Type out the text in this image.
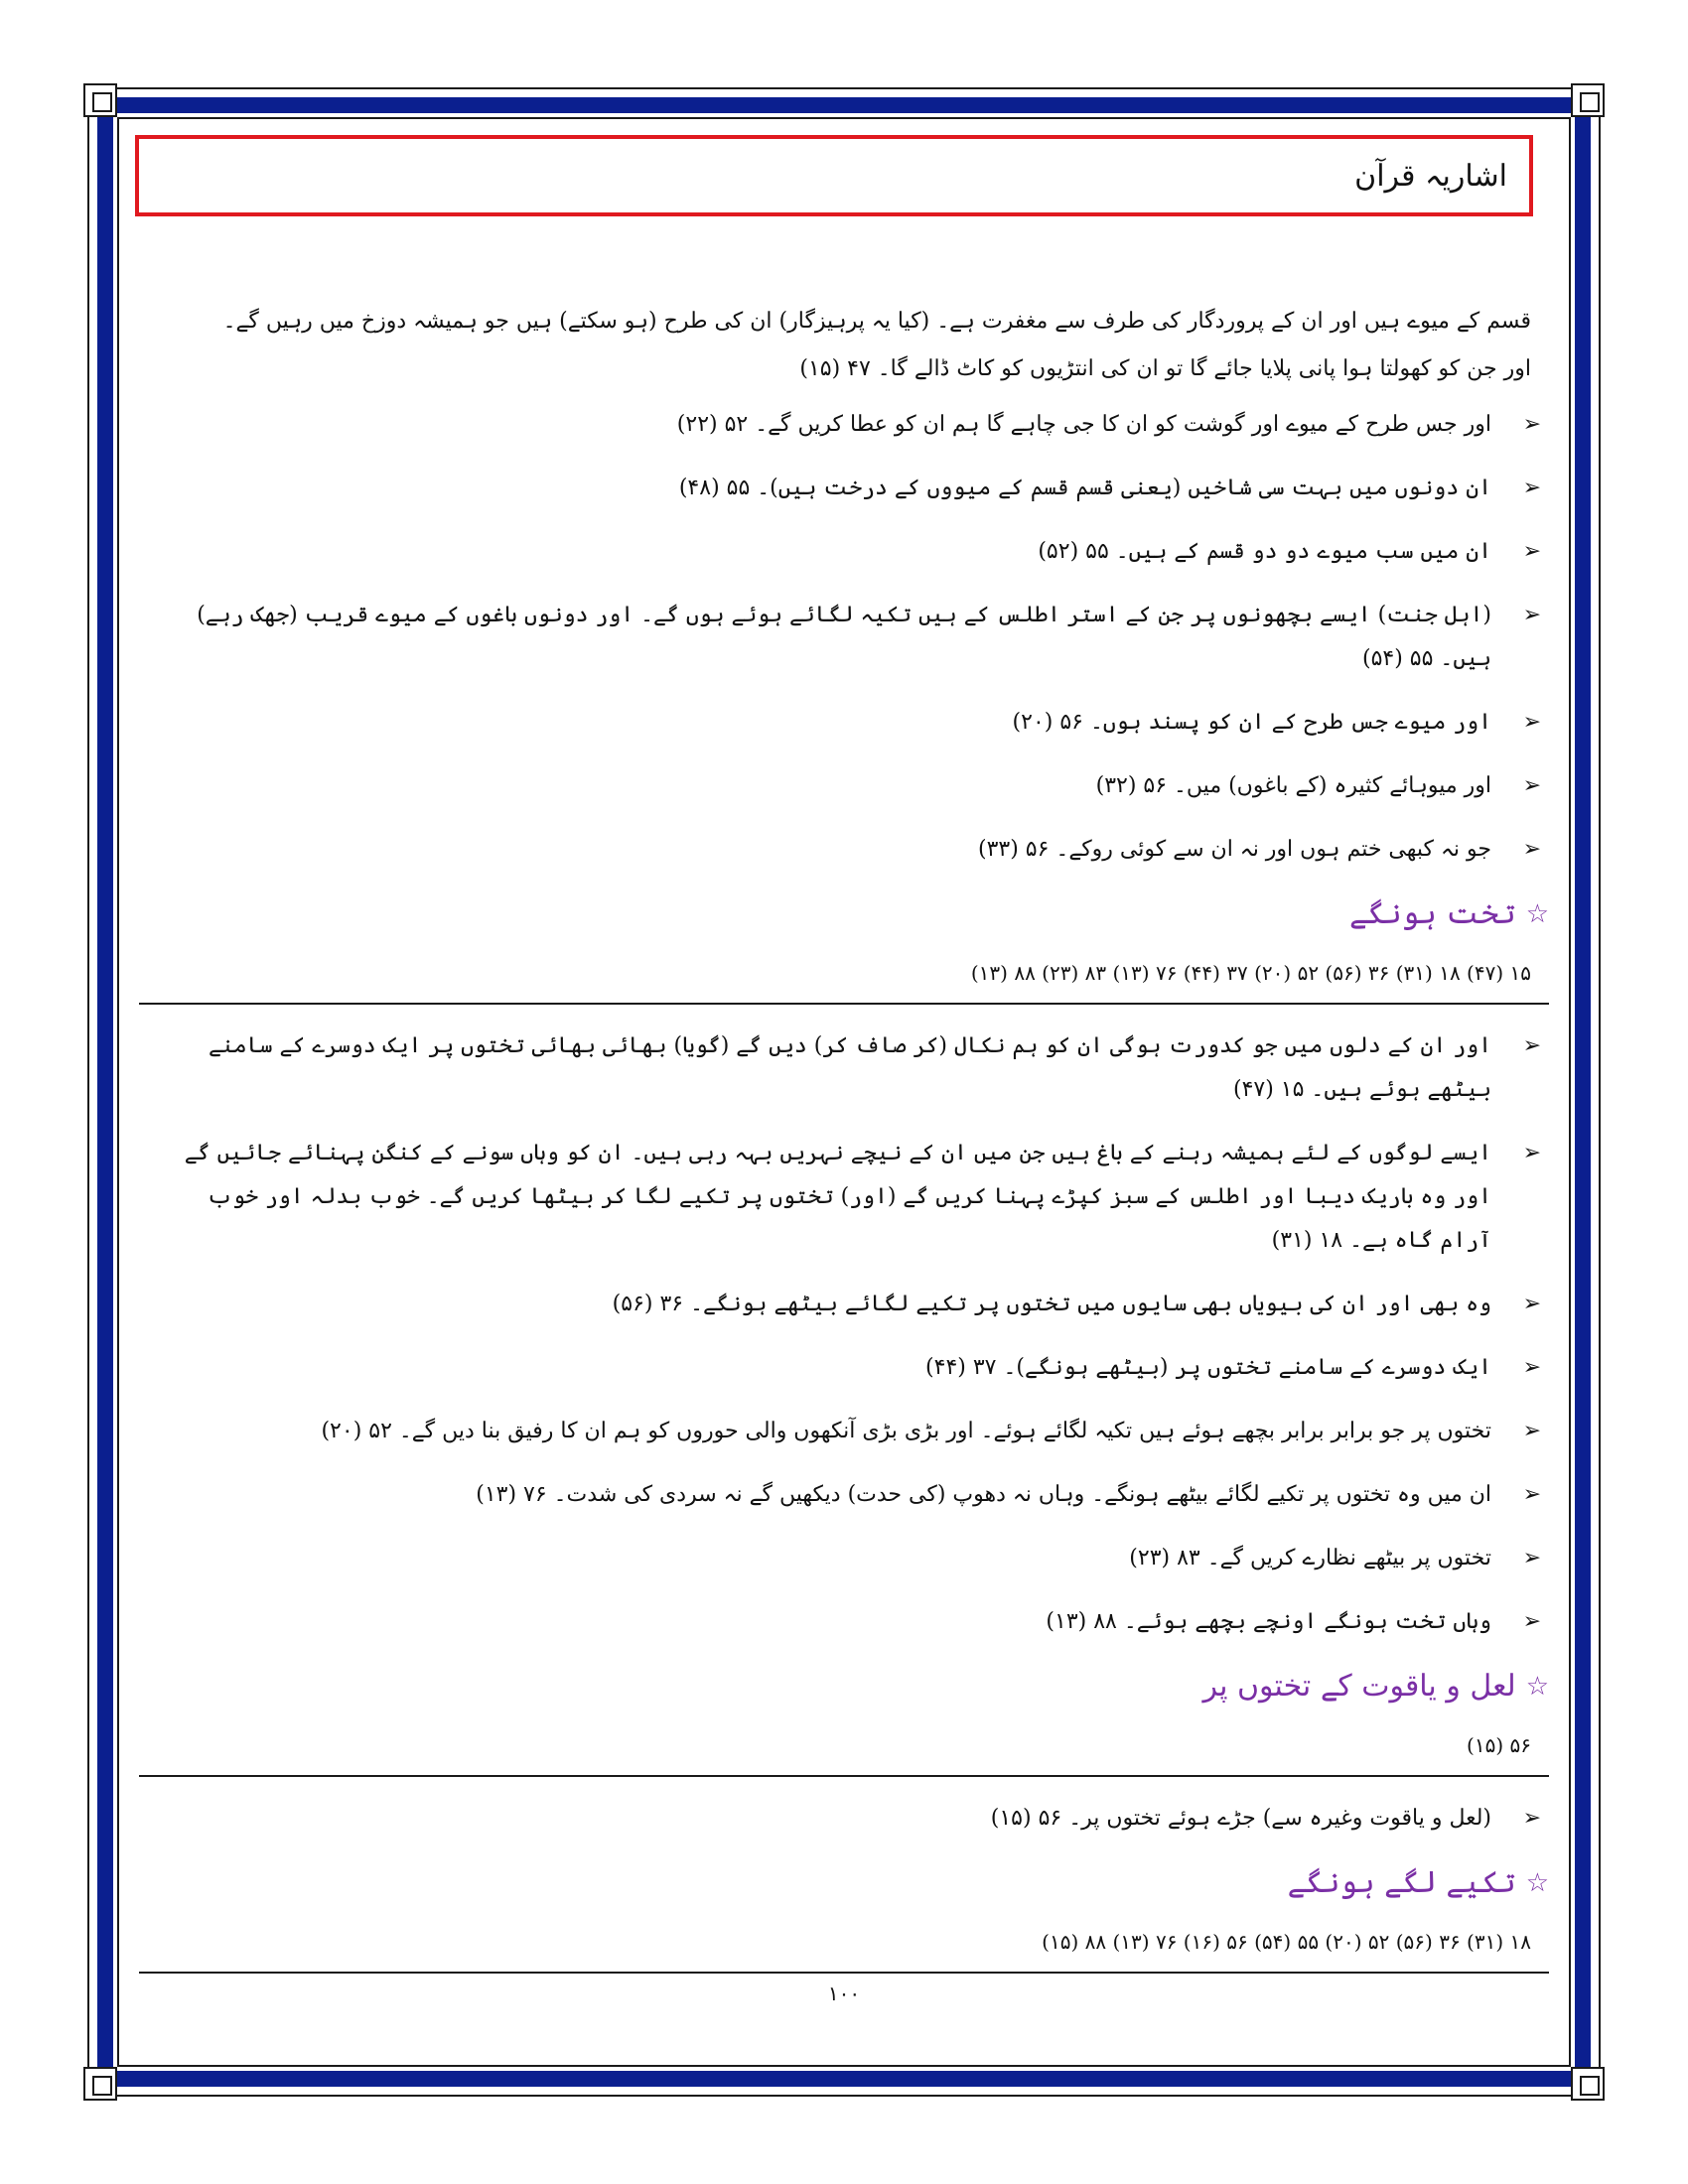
اشاریہ قرآن

قسم کے میوے ہیں اور ان کے پروردگار کی طرف سے مغفرت ہے۔ (کیا یہ پرہیزگار) ان کی طرح (ہو سکتے) ہیں جو ہمیشہ دوزخ میں رہیں گے۔ اور جن کو کھولتا ہوا پانی پلایا جائے گا تو ان کی انتڑیوں کو کاٹ ڈالے گا۔ ۴۷ (۱۵)

➢
اور جس طرح کے میوے اور گوشت کو ان کا جی چاہے گا ہم ان کو عطا کریں گے۔ ۵۲ (۲۲)
➢
ان دونوں میں بہت سی شاخیں (یعنی قسم قسم کے میووں کے درخت ہیں)۔ ۵۵ (۴۸)
➢
ان میں سب میوے دو دو قسم کے ہیں۔ ۵۵ (۵۲)
➢
(اہل جنت) ایسے بچھونوں پر جن کے استر اطلس کے ہیں تکیہ لگائے ہوئے ہوں گے۔ اور دونوں باغوں کے میوے قریب (جھک رہے) ہیں۔ ۵۵ (۵۴)
➢
اور میوے جس طرح کے ان کو پسند ہوں۔ ۵۶ (۲۰)
➢
اور میوہائے کثیرہ (کے باغوں) میں۔ ۵۶ (۳۲)
➢
جو نہ کبھی ختم ہوں اور نہ ان سے کوئی روکے۔ ۵۶ (۳۳)
☆
تخت ہونگے
۱۵ (۴۷) ۱۸ (۳۱) ۳۶ (۵۶) ۵۲ (۲۰) ۳۷ (۴۴) ۷۶ (۱۳) ۸۳ (۲۳) ۸۸ (۱۳)
➢
اور ان کے دلوں میں جو کدورت ہوگی ان کو ہم نکال (کر صاف کر) دیں گے (گویا) بھائی بھائی تختوں پر ایک دوسرے کے سامنے بیٹھے ہوئے ہیں۔ ۱۵ (۴۷)
➢
ایسے لوگوں کے لئے ہمیشہ رہنے کے باغ ہیں جن میں ان کے نیچے نہریں بہہ رہی ہیں۔ ان کو وہاں سونے کے کنگن پہنائے جائیں گے اور وہ باریک دیبا اور اطلس کے سبز کپڑے پہنا کریں گے (اور) تختوں پر تکیے لگا کر بیٹھا کریں گے۔ خوب بدلہ اور خوب آرام گاہ ہے۔ ۱۸ (۳۱)
➢
وہ بھی اور ان کی بیویاں بھی سایوں میں تختوں پر تکیے لگائے بیٹھے ہونگے۔ ۳۶ (۵۶)
➢
ایک دوسرے کے سامنے تختوں پر (بیٹھے ہونگے)۔ ۳۷ (۴۴)
➢
تختوں پر جو برابر برابر بچھے ہوئے ہیں تکیہ لگائے ہوئے۔ اور بڑی بڑی آنکھوں والی حوروں کو ہم ان کا رفیق بنا دیں گے۔ ۵۲ (۲۰)
➢
ان میں وہ تختوں پر تکیے لگائے بیٹھے ہونگے۔ وہاں نہ دھوپ (کی حدت) دیکھیں گے نہ سردی کی شدت۔ ۷۶ (۱۳)
➢
تختوں پر بیٹھے نظارے کریں گے۔ ۸۳ (۲۳)
➢
وہاں تخت ہونگے اونچے بچھے ہوئے۔ ۸۸ (۱۳)
☆
لعل و یاقوت کے تختوں پر
۵۶ (۱۵)
➢
(لعل و یاقوت وغیرہ سے) جڑے ہوئے تختوں پر۔ ۵۶ (۱۵)
☆
تکیے لگے ہونگے
۱۸ (۳۱) ۳۶ (۵۶) ۵۲ (۲۰) ۵۵ (۵۴) ۵۶ (۱۶) ۷۶ (۱۳) ۸۸ (۱۵)
۱۰۰
